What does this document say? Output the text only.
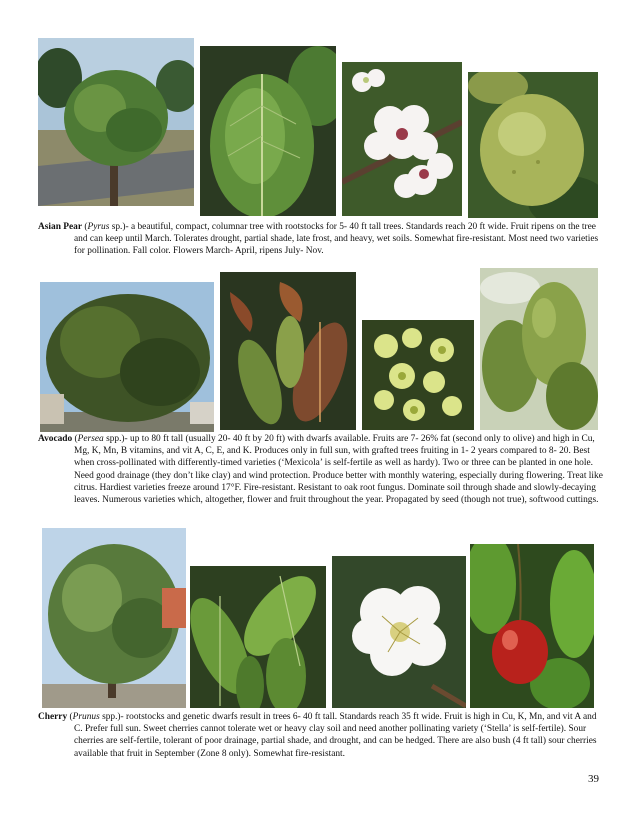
Asian Pear (Pyrus sp.)- a beautiful, compact, columnar tree with rootstocks for 5- 40 ft tall trees. Standards reach 20 ft wide. Fruit ripens on the tree and can keep until March. Tolerates drought, partial shade, late frost, and heavy, wet soils. Somewhat fire-resistant. Most need two varieties for pollination. Fall color. Flowers March- April, ripens July- Nov.

Avocado (Persea spp.)- up to 80 ft tall (usually 20- 40 ft by 20 ft) with dwarfs available. Fruits are 7- 26% fat (second only to olive) and high in Cu, Mg, K, Mn, B vitamins, and vit A, C, E, and K. Produces only in full sun, with grafted trees fruiting in 1- 2 years compared to 8- 20. Best when cross-pollinated with differently-timed varieties (‘Mexicola’ is self-fertile as well as hardy). Two or three can be planted in one hole. Need good drainage (they don’t like clay) and wind protection. Produce better with monthly watering, especially during flowering. Treat like citrus. Hardiest varieties freeze around 17°F. Fire-resistant. Resistant to oak root fungus. Dominate soil through shade and slowly-decaying leaves. Numerous varieties which, altogether, flower and fruit throughout the year. Propagated by seed (though not true), softwood cuttings.

Cherry (Prunus spp.)- rootstocks and genetic dwarfs result in trees 6- 40 ft tall. Standards reach 35 ft wide. Fruit is high in Cu, K, Mn, and vit A and C. Prefer full sun. Sweet cherries cannot tolerate wet or heavy clay soil and need another pollinating variety (‘Stella’ is self-fertile). Sour cherries are self-fertile, tolerant of poor drainage, partial shade, and drought, and can be hedged. There are also bush (4 ft tall) sour cherries available that fruit in September (Zone 8 only). Somewhat fire-resistant.

39
